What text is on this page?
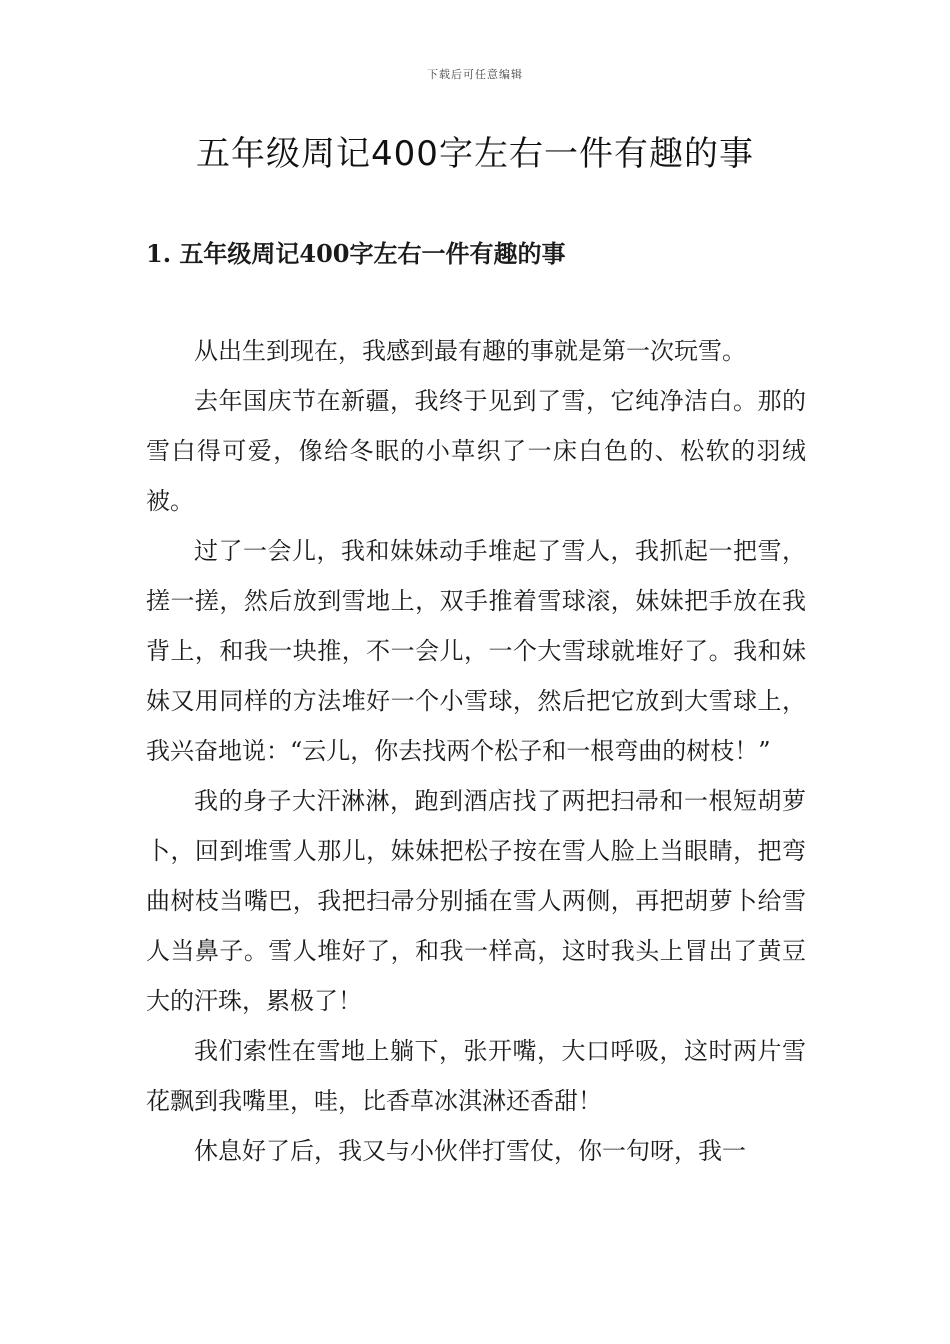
下载后可任意编辑
五年级周记400字左右一件有趣的事
1. 五年级周记400字左右一件有趣的事

从出生到现在，我感到最有趣的事就是第一次玩雪。

去年国庆节在新疆，我终于见到了雪，它纯净洁白。那的雪白得可爱，像给冬眠的小草织了一床白色的、松软的羽绒被。

过了一会儿，我和妹妹动手堆起了雪人，我抓起一把雪，搓一搓，然后放到雪地上，双手推着雪球滚，妹妹把手放在我背上，和我一块推，不一会儿，一个大雪球就堆好了。我和妹妹又用同样的方法堆好一个小雪球，然后把它放到大雪球上，我兴奋地说：“云儿，你去找两个松子和一根弯曲的树枝！”

我的身子大汗淋淋，跑到酒店找了两把扫帚和一根短胡萝卜，回到堆雪人那儿，妹妹把松子按在雪人脸上当眼睛，把弯曲树枝当嘴巴，我把扫帚分别插在雪人两侧，再把胡萝卜给雪人当鼻子。雪人堆好了，和我一样高，这时我头上冒出了黄豆大的汗珠，累极了！

我们索性在雪地上躺下，张开嘴，大口呼吸，这时两片雪花飘到我嘴里，哇，比香草冰淇淋还香甜！

休息好了后，我又与小伙伴打雪仗，你一句呀，我一
